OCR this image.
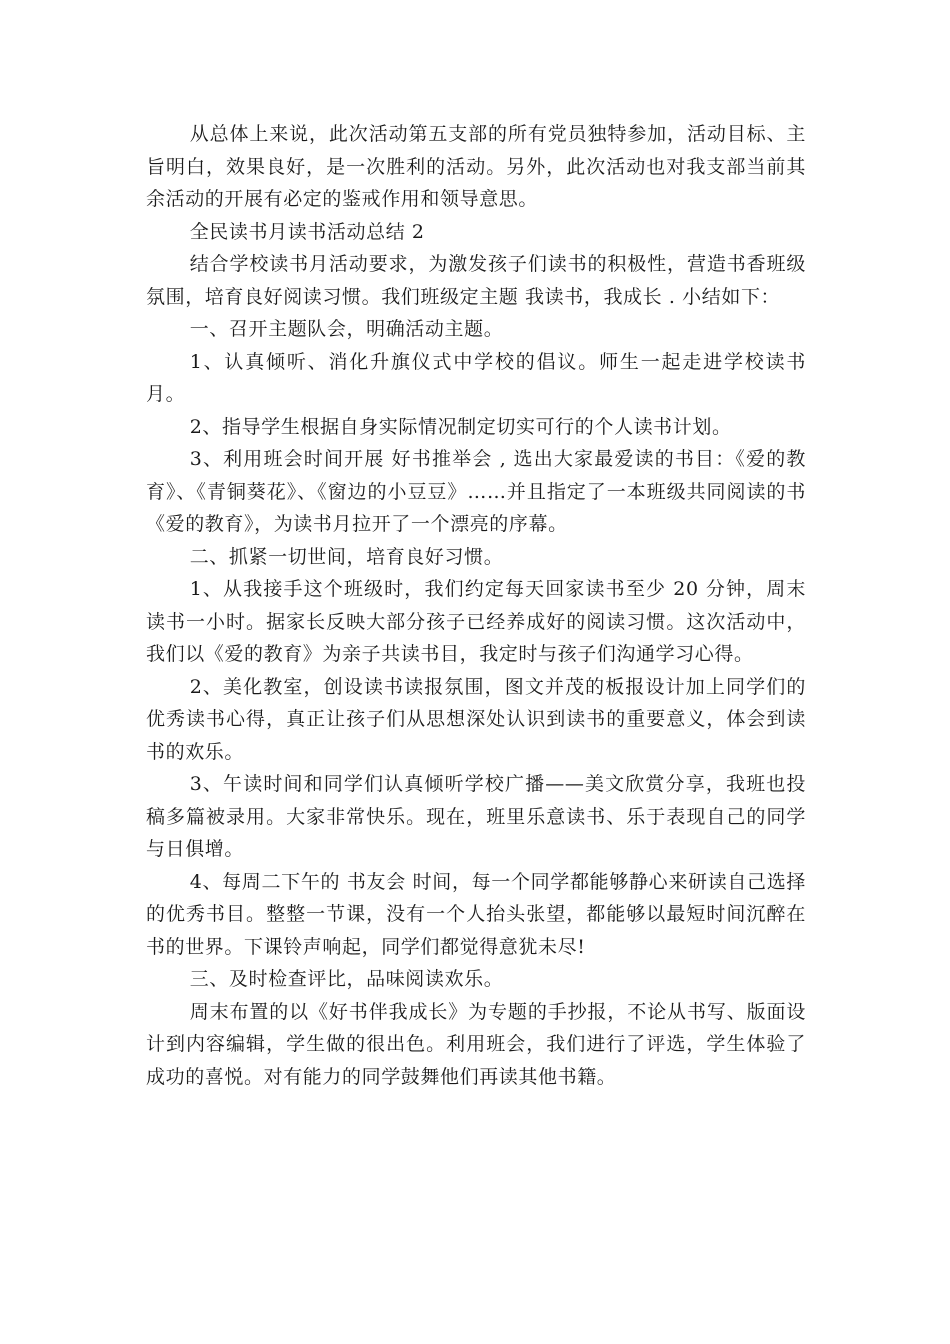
从总体上来说，此次活动第五支部的所有党员独特参加，活动目标、主旨明白，效果良好，是一次胜利的活动。另外，此次活动也对我支部当前其余活动的开展有必定的鉴戒作用和领导意思。

全民读书月读书活动总结 2

结合学校读书月活动要求，为激发孩子们读书的积极性，营造书香班级氛围，培育良好阅读习惯。我们班级定主题 我读书，我成长 . 小结如下：

一、召开主题队会，明确活动主题。

1、认真倾听、消化升旗仪式中学校的倡议。师生一起走进学校读书月。

2、指导学生根据自身实际情况制定切实可行的个人读书计划。

3、利用班会时间开展 好书推举会 , 选出大家最爱读的书目：《爱的教育》、《青铜葵花》、《窗边的小豆豆》……并且指定了一本班级共同阅读的书《爱的教育》，为读书月拉开了一个漂亮的序幕。

二、抓紧一切世间，培育良好习惯。

1、从我接手这个班级时，我们约定每天回家读书至少 20 分钟，周末读书一小时。据家长反映大部分孩子已经养成好的阅读习惯。这次活动中，我们以《爱的教育》为亲子共读书目，我定时与孩子们沟通学习心得。

2、美化教室，创设读书读报氛围，图文并茂的板报设计加上同学们的优秀读书心得，真正让孩子们从思想深处认识到读书的重要意义，体会到读书的欢乐。

3、午读时间和同学们认真倾听学校广播——美文欣赏分享，我班也投稿多篇被录用。大家非常快乐。现在，班里乐意读书、乐于表现自己的同学与日俱增。

4、每周二下午的 书友会 时间，每一个同学都能够静心来研读自己选择的优秀书目。整整一节课，没有一个人抬头张望，都能够以最短时间沉醉在书的世界。下课铃声响起，同学们都觉得意犹未尽!

三、及时检查评比，品味阅读欢乐。

周末布置的以《好书伴我成长》为专题的手抄报，不论从书写、版面设计到内容编辑，学生做的很出色。利用班会，我们进行了评选，学生体验了成功的喜悦。对有能力的同学鼓舞他们再读其他书籍。
